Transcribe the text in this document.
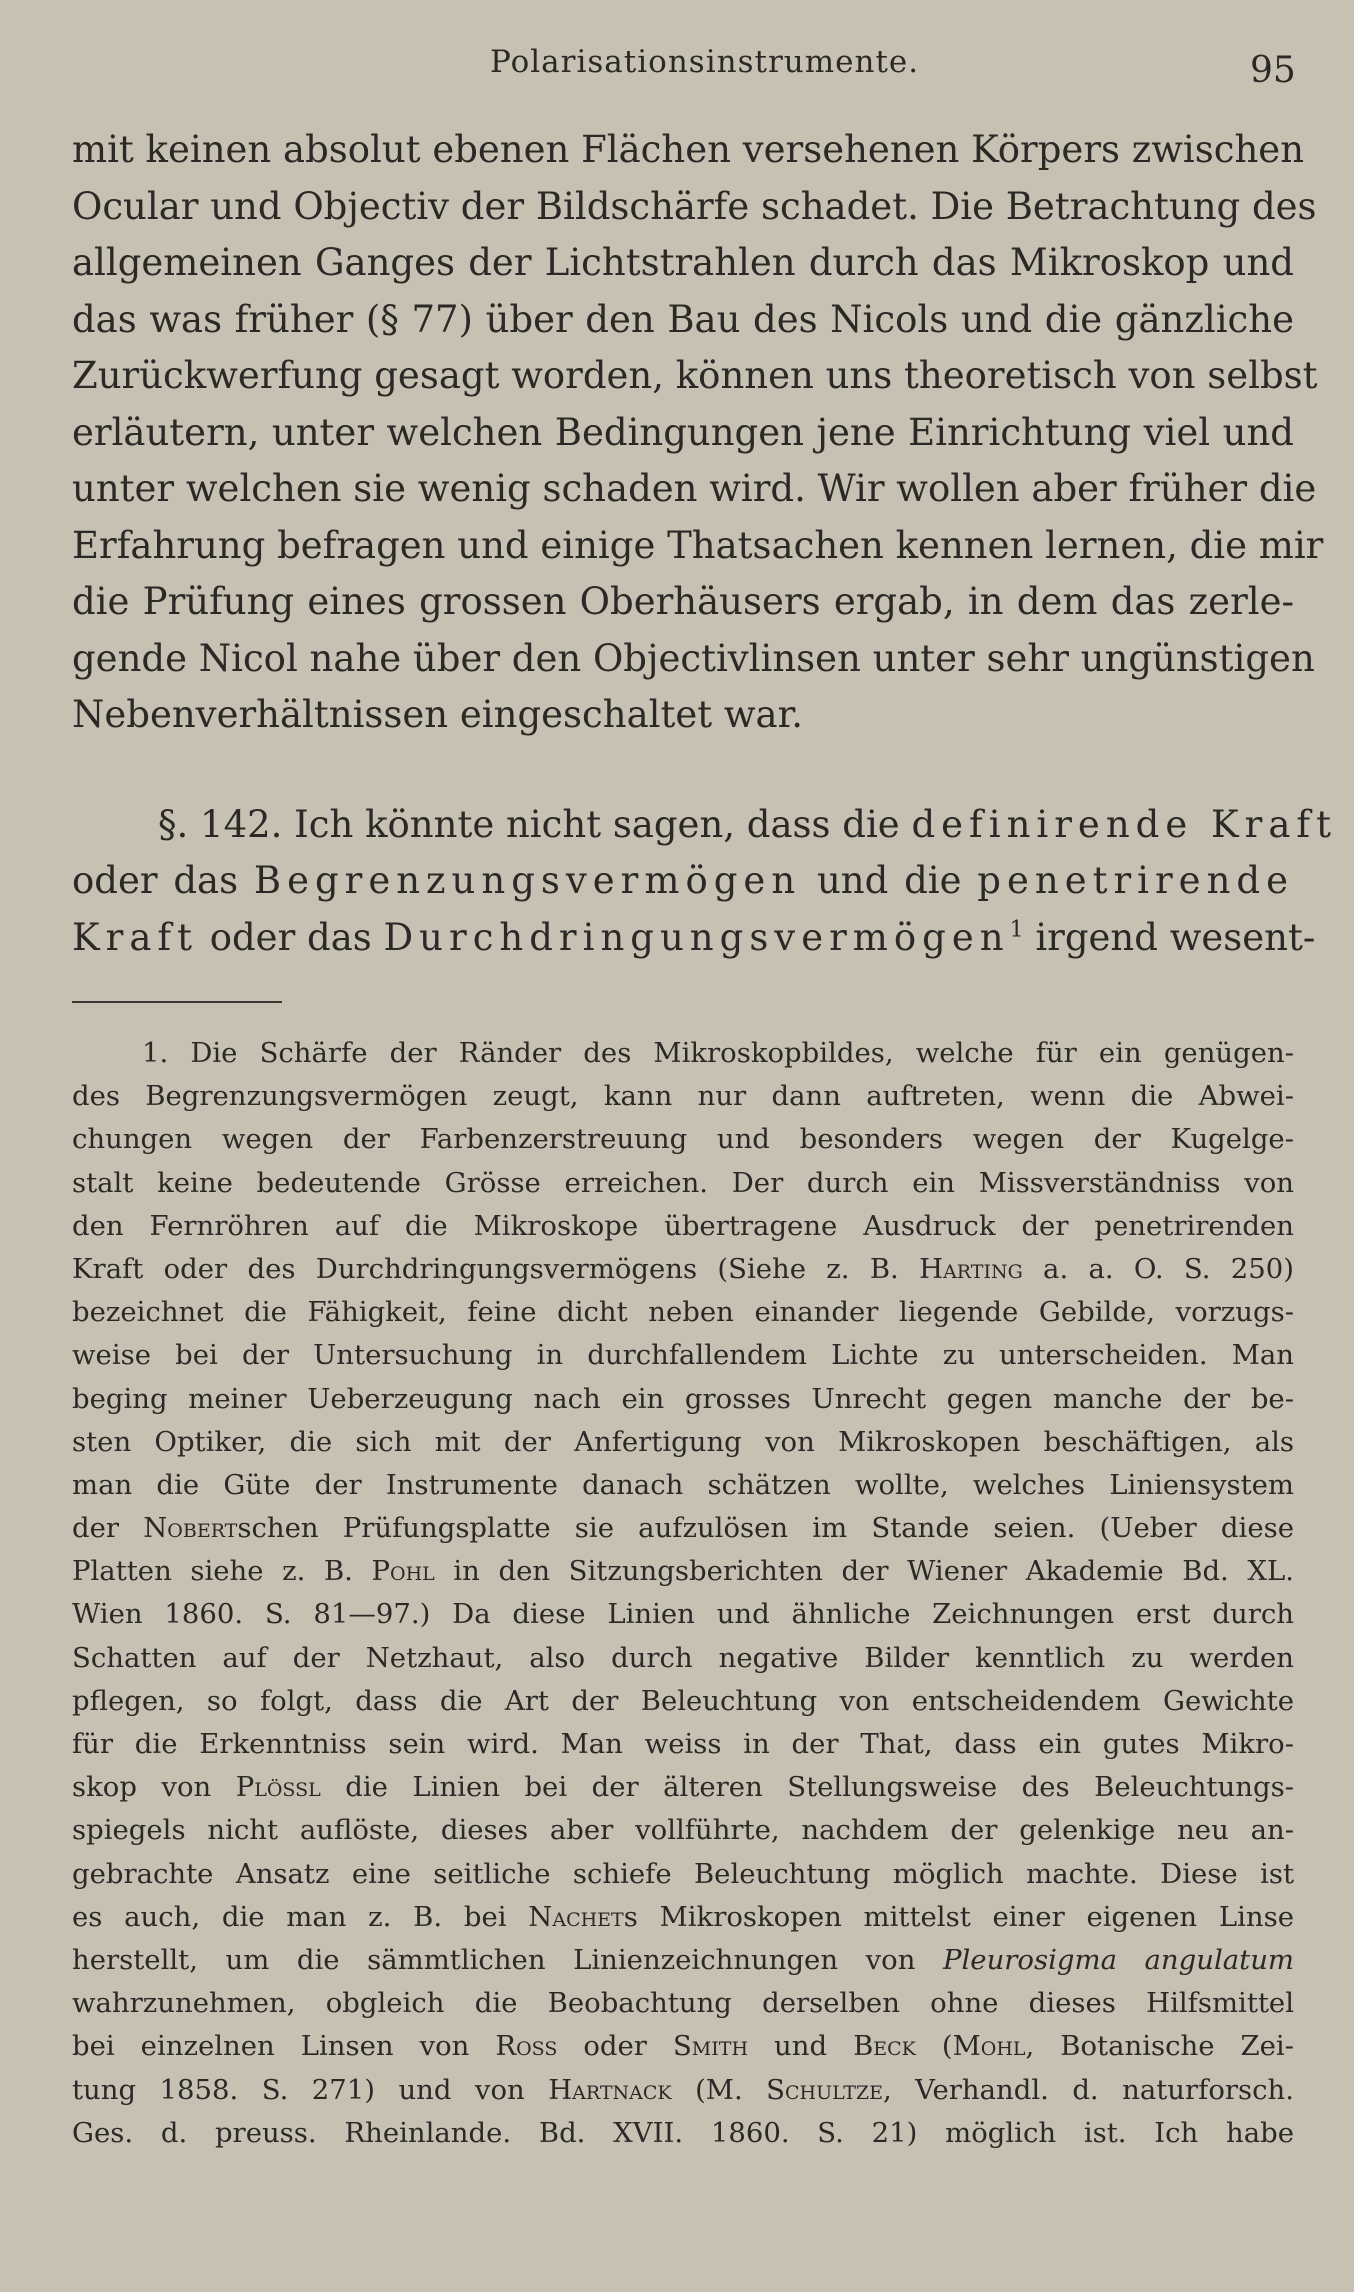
Polarisationsinstrumente.	95
mit keinen absolut ebenen Flächen versehenen Körpers zwischen
Ocular und Objectiv der Bildschärfe schadet. Die Betrachtung des
allgemeinen Ganges der Lichtstrahlen durch das Mikroskop und
das was früher (§ 77) über den Bau des Nicols und die gänzliche
Zurückwerfung gesagt worden, können uns theoretisch von selbst
erläutern, unter welchen Bedingungen jene Einrichtung viel und
unter welchen sie wenig schaden wird. Wir wollen aber früher die
Erfahrung befragen und einige Thatsachen kennen lernen, die mir
die Prüfung eines grossen Oberhäusers ergab, in dem das zerle-
gende Nicol nahe über den Objectivlinsen unter sehr ungünstigen
Nebenverhältnissen eingeschaltet war.
§. 142. Ich könnte nicht sagen, dass die definirende Kraft
oder das Begrenzungsvermögen und die penetrirende
Kraft oder das Durchdringungsvermögen$^1$ irgend wesent-
1. Die Schärfe der Ränder des Mikroskopbildes, welche für ein genügen-
des Begrenzungsvermögen zeugt, kann nur dann auftreten, wenn die Abwei-
chungen wegen der Farbenzerstreuung und besonders wegen der Kugelge-
stalt keine bedeutende Grösse erreichen. Der durch ein Missverständniss von
den Fernröhren auf die Mikroskope übertragene Ausdruck der penetrirenden
Kraft oder des Durchdringungsvermögens (Siehe z. B. Harting a. a. O. S. 250)
bezeichnet die Fähigkeit, feine dicht neben einander liegende Gebilde, vorzugs-
weise bei der Untersuchung in durchfallendem Lichte zu unterscheiden. Man
beging meiner Ueberzeugung nach ein grosses Unrecht gegen manche der be-
sten Optiker, die sich mit der Anfertigung von Mikroskopen beschäftigen, als
man die Güte der Instrumente danach schätzen wollte, welches Liniensystem
der Nobertschen Prüfungsplatte sie aufzulösen im Stande seien. (Ueber diese
Platten siehe z. B. Pohl in den Sitzungsberichten der Wiener Akademie Bd. XL.
Wien 1860. S. 81—97.) Da diese Linien und ähnliche Zeichnungen erst durch
Schatten auf der Netzhaut, also durch negative Bilder kenntlich zu werden
pflegen, so folgt, dass die Art der Beleuchtung von entscheidendem Gewichte
für die Erkenntniss sein wird. Man weiss in der That, dass ein gutes Mikro-
skop von Plössl die Linien bei der älteren Stellungsweise des Beleuchtungs-
spiegels nicht auflöste, dieses aber vollführte, nachdem der gelenkige neu an-
gebrachte Ansatz eine seitliche schiefe Beleuchtung möglich machte. Diese ist
es auch, die man z. B. bei Nachets Mikroskopen mittelst einer eigenen Linse
herstellt, um die sämmtlichen Linienzeichnungen von Pleurosigma angulatum
wahrzunehmen, obgleich die Beobachtung derselben ohne dieses Hilfsmittel
bei einzelnen Linsen von Ross oder Smith und Beck (Mohl, Botanische Zei-
tung 1858. S. 271) und von Hartnack (M. Schultze, Verhandl. d. naturforsch.
Ges. d. preuss. Rheinlande. Bd. XVII. 1860. S. 21) möglich ist. Ich habe
